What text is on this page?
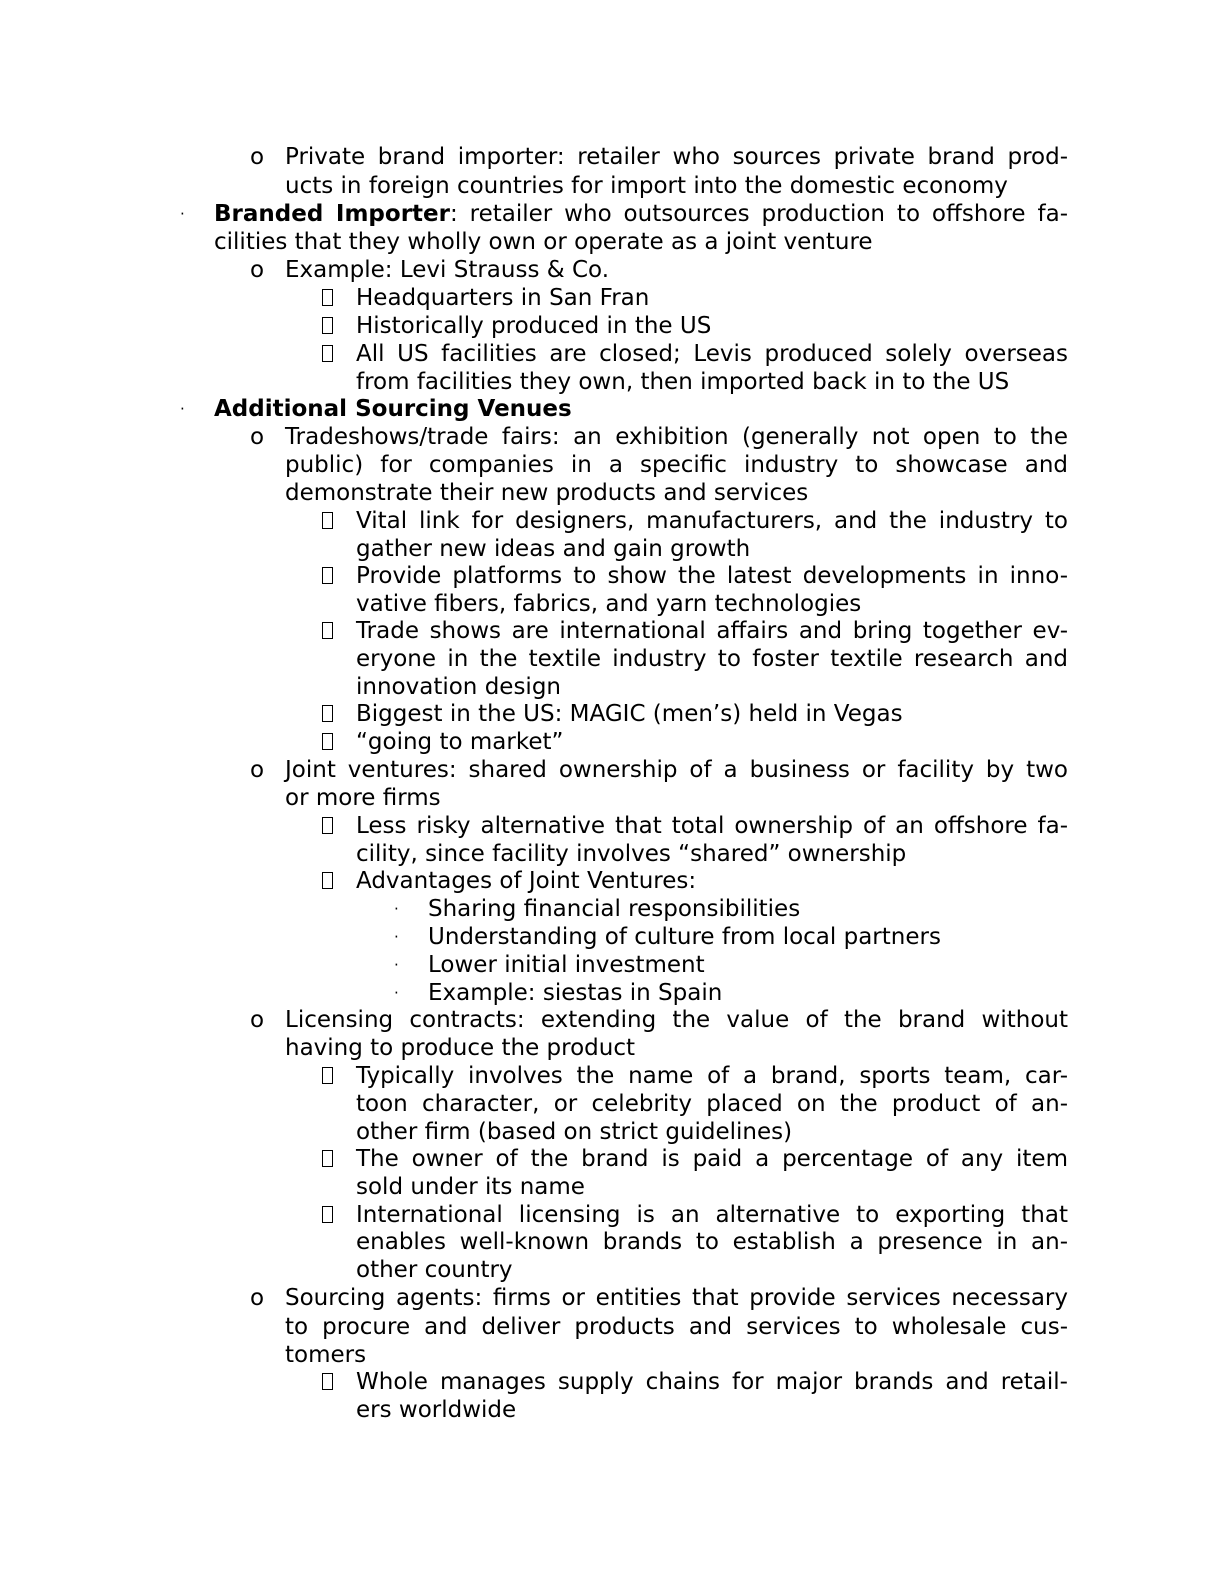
o Private brand importer: retailer who sources private brand prod-
ucts in foreign countries for import into the domestic economy
· Branded Importer: retailer who outsources production to offshore fa-
cilities that they wholly own or operate as a joint venture
o Example: Levi Strauss & Co.
Headquarters in San Fran
Historically produced in the US
All US facilities are closed; Levis produced solely overseas
from facilities they own, then imported back in to the US
· Additional Sourcing Venues
o Tradeshows/trade fairs: an exhibition (generally not open to the
public) for companies in a specific industry to showcase and
demonstrate their new products and services
Vital link for designers, manufacturers, and the industry to
gather new ideas and gain growth
Provide platforms to show the latest developments in inno-
vative fibers, fabrics, and yarn technologies
Trade shows are international affairs and bring together ev-
eryone in the textile industry to foster textile research and
innovation design
Biggest in the US: MAGIC (men’s) held in Vegas
“going to market”
o Joint ventures: shared ownership of a business or facility by two
or more firms
Less risky alternative that total ownership of an offshore fa-
cility, since facility involves “shared” ownership
Advantages of Joint Ventures:
· Sharing financial responsibilities
· Understanding of culture from local partners
· Lower initial investment
· Example: siestas in Spain
o Licensing contracts: extending the value of the brand without
having to produce the product
Typically involves the name of a brand, sports team, car-
toon character, or celebrity placed on the product of an-
other firm (based on strict guidelines)
The owner of the brand is paid a percentage of any item
sold under its name
International licensing is an alternative to exporting that
enables well-known brands to establish a presence in an-
other country
o Sourcing agents: firms or entities that provide services necessary
to procure and deliver products and services to wholesale cus-
tomers
Whole manages supply chains for major brands and retail-
ers worldwide
